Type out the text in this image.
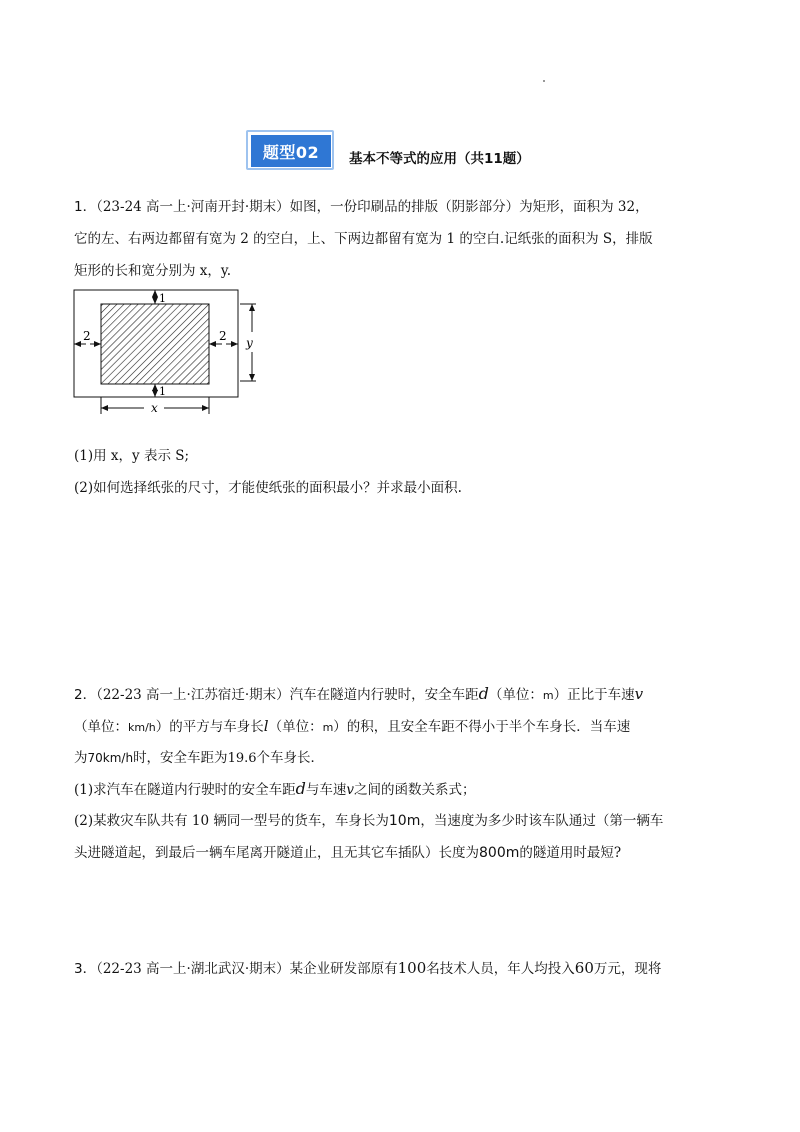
题型02	基本不等式的应用（共11题）
1．（23-24 高一上·河南开封·期末）如图，一份印刷品的排版（阴影部分）为矩形，面积为 32，
它的左、右两边都留有宽为 2 的空白，上、下两边都留有宽为 1 的空白.记纸张的面积为 S，排版
矩形的长和宽分别为 x，y.
1
1
2	2 y
x
(1)用 x，y 表示 S;
(2)如何选择纸张的尺寸，才能使纸张的面积最小？并求最小面积.
2．（22-23 高一上·江苏宿迁·期末）汽车在隧道内行驶时，安全车距d（单位：m）正比于车速v
（单位：km/h）的平方与车身长l（单位：m）的积，且安全车距不得小于半个车身长．当车速
为70km/h时，安全车距为19.6个车身长．
(1)求汽车在隧道内行驶时的安全车距d与车速v之间的函数关系式；
(2)某救灾车队共有 10 辆同一型号的货车，车身长为10m，当速度为多少时该车队通过（第一辆车
头进隧道起，到最后一辆车尾离开隧道止，且无其它车插队）长度为800m的隧道用时最短?
3．（22-23 高一上·湖北武汉·期末）某企业研发部原有100名技术人员，年人均投入60万元，现将
